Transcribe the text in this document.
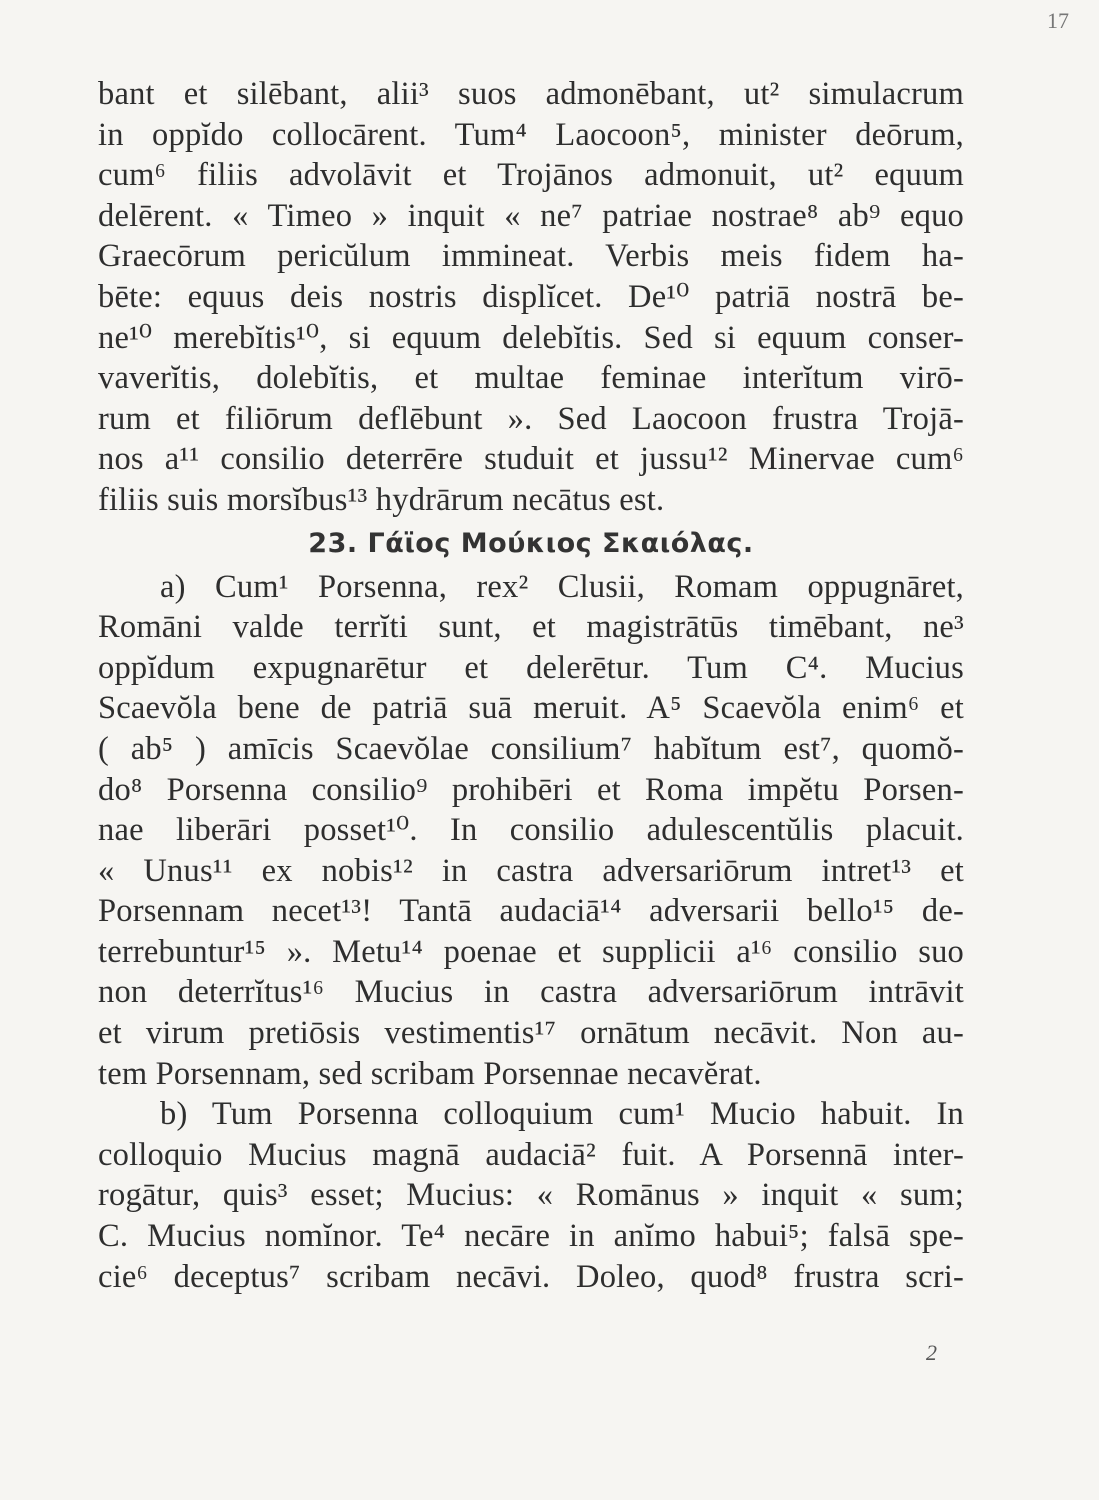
17
bant et silēbant, alii³ suos admonēbant, ut² simulacrum
in oppĭdo collocārent. Tum⁴ Laocoon⁵, minister deōrum,
cum⁶ filiis advolāvit et Trojānos admonuit, ut² equum
delērent. « Timeo » inquit « ne⁷ patriae nostrae⁸ ab⁹ equo
Graecōrum pericŭlum immineat. Verbis meis fidem ha-
bēte: equus deis nostris displĭcet. De¹⁰ patriā nostrā be-
ne¹⁰ merebĭtis¹⁰, si equum delebĭtis. Sed si equum conser-
vaverĭtis, dolebĭtis, et multae feminae interĭtum virō-
rum et filiōrum deflēbunt ». Sed Laocoon frustra Trojā-
nos a¹¹ consilio deterrēre studuit et jussu¹² Minervae cum⁶
filiis suis morsĭbus¹³ hydrārum necātus est.
23. Γάϊος Μούκιος Σκαιόλας.
a) Cum¹ Porsenna, rex² Clusii, Romam oppugnāret,
Romāni valde terrĭti sunt, et magistrātūs timēbant, ne³
oppĭdum expugnarētur et delerētur. Tum C⁴. Mucius
Scaevŏla bene de patriā suā meruit. A⁵ Scaevŏla enim⁶ et
( ab⁵ ) amīcis Scaevŏlae consilium⁷ habĭtum est⁷, quomŏ-
do⁸ Porsenna consilio⁹ prohibēri et Roma impĕtu Porsen-
nae liberāri posset¹⁰. In consilio adulescentŭlis placuit.
« Unus¹¹ ex nobis¹² in castra adversariōrum intret¹³ et
Porsennam necet¹³! Tantā audaciā¹⁴ adversarii bello¹⁵ de-
terrebuntur¹⁵ ». Metu¹⁴ poenae et supplicii a¹⁶ consilio suo
non deterrĭtus¹⁶ Mucius in castra adversariōrum intrāvit
et virum pretiōsis vestimentis¹⁷ ornātum necāvit. Non au-
tem Porsennam, sed scribam Porsennae necavĕrat.
b) Tum Porsenna colloquium cum¹ Mucio habuit. In
colloquio Mucius magnā audaciā² fuit. A Porsennā inter-
rogātur, quis³ esset; Mucius: « Romānus » inquit « sum;
C. Mucius nomĭnor. Te⁴ necāre in anĭmo habui⁵; falsā spe-
cie⁶ deceptus⁷ scribam necāvi. Doleo, quod⁸ frustra scri-
2
